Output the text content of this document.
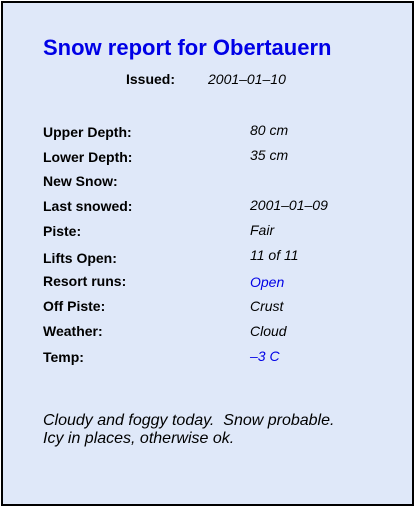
Snow report for Obertauern
Issued: 2001–01–10
Upper Depth:	80 cm
Lower Depth:	35 cm
New Snow:
Last snowed:	2001–01–09
Piste:	Fair
Lifts Open:	11 of 11
Resort runs:	Open
Off Piste:	Crust
Weather:	Cloud
Temp:	–3 C
Cloudy and foggy today.  Snow probable.
Icy in places, otherwise ok.
